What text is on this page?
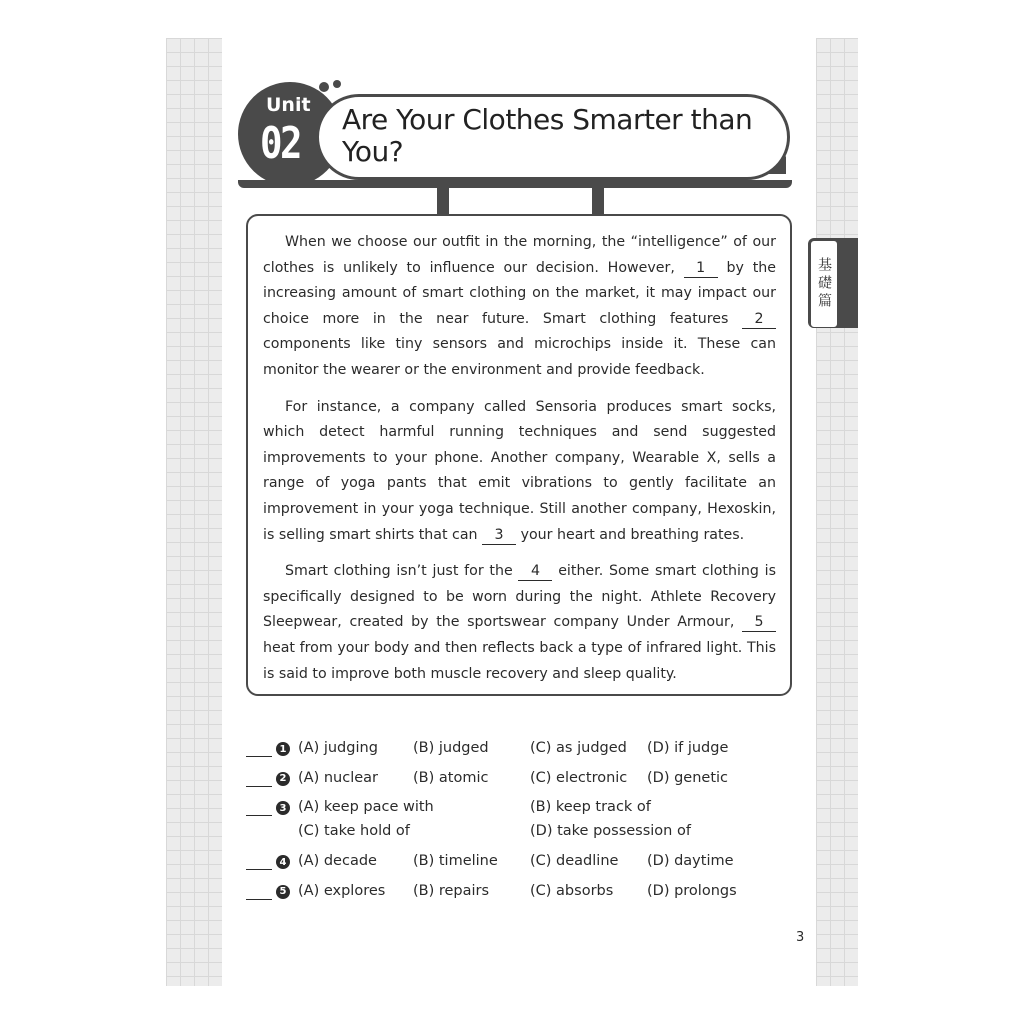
基礎篇
Unit
02	Are Your Clothes Smarter than You?

When we choose our outfit in the morning, the “intelligence” of our clothes is unlikely to influence our decision. However, 1 by the increasing amount of smart clothing on the market, it may impact our choice more in the near future. Smart clothing features 2 components like tiny sensors and microchips inside it. These can monitor the wearer or the environment and provide feedback.

For instance, a company called Sensoria produces smart socks, which detect harmful running techniques and send suggested improvements to your phone. Another company, Wearable X, sells a range of yoga pants that emit vibrations to gently facilitate an improvement in your yoga technique. Still another company, Hexoskin, is selling smart shirts that can 3 your heart and breathing rates.

Smart clothing isn’t just for the 4 either. Some smart clothing is specifically designed to be worn during the night. Athlete Recovery Sleepwear, created by the sportswear company Under Armour, 5 heat from your body and then reflects back a type of infrared light. This is said to improve both muscle recovery and sleep quality.

1 (A) judging (B) judged	(C) as judged (D) if judge
2 (A) nuclear (B) atomic	(C) electronic (D) genetic
3 (A) keep pace with	(B) keep track of
(C) take hold of	(D) take possession of
4 (A) decade (B) timeline (C) deadline (D) daytime
5 (A) explores (B) repairs	(C) absorbs (D) prolongs
3
